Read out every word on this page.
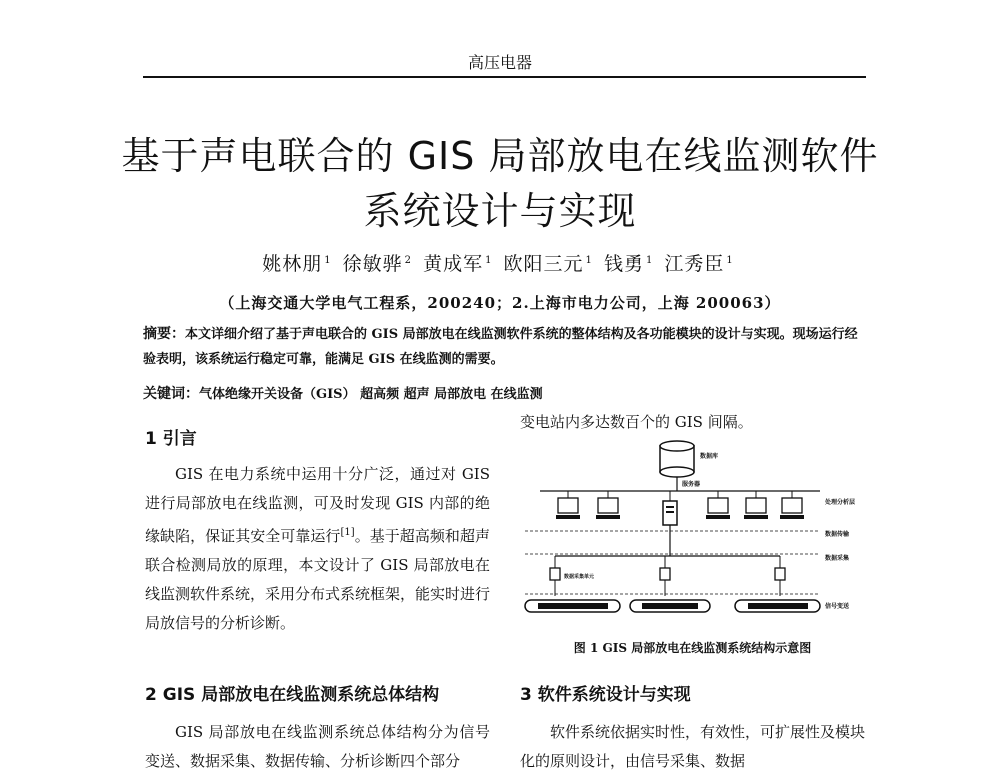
高压电器
基于声电联合的 GIS 局部放电在线监测软件
系统设计与实现
姚林朋 $^1$ 徐敏骅 $^2$ 黄成军 $^1$ 欧阳三元 $^1$ 钱勇 $^1$ 江秀臣 $^1$
（上海交通大学电气工程系，200240；2.上海市电力公司，上海 200063）
摘要：本文详细介绍了基于声电联合的 GIS 局部放电在线监测软件系统的整体结构及各功能模块的设计与实现。现场运行经验表明，该系统运行稳定可靠，能满足 GIS 在线监测的需要。
关键词：气体绝缘开关设备（GIS） 超高频 超声 局部放电 在线监测
1 引言
GIS 在电力系统中运用十分广泛，通过对 GIS 进行局部放电在线监测，可及时发现 GIS 内部的绝缘缺陷，保证其安全可靠运行[1]。基于超高频和超声联合检测局放的原理，本文设计了 GIS 局部放电在线监测软件系统，采用分布式系统框架，能实时进行局放信号的分析诊断。
2 GIS 局部放电在线监测系统总体结构
GIS 局部放电在线监测系统总体结构分为信号变送、数据采集、数据传输、分析诊断四个部分
变电站内多达数百个的 GIS 间隔。
数据库
服务器
处理分析层
数据传输
数据采集
数据采集单元
信号变送
图 1 GIS 局部放电在线监测系统结构示意图
3 软件系统设计与实现
软件系统依据实时性，有效性，可扩展性及模块化的原则设计，由信号采集、数据
